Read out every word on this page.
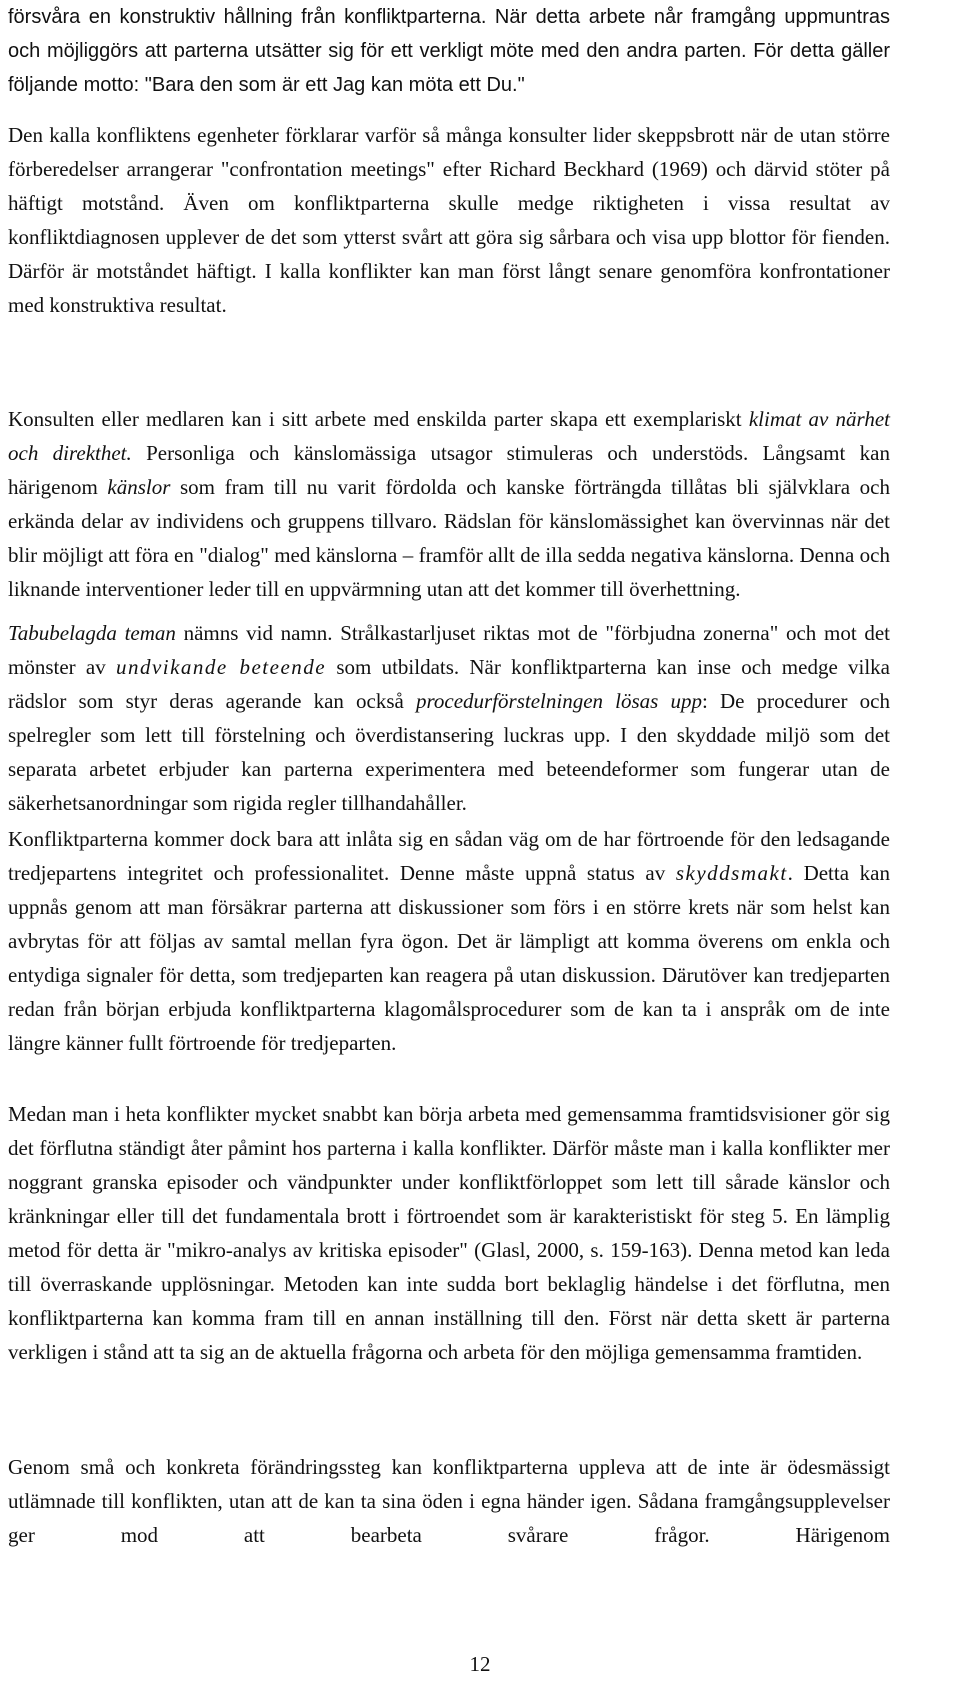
försvåra en konstruktiv hållning från konfliktparterna. När detta arbete når framgång uppmuntras och möjliggörs att parterna utsätter sig för ett verkligt möte med den andra parten. För detta gäller följande motto: "Bara den som är ett Jag kan möta ett Du."

Den kalla konfliktens egenheter förklarar varför så många konsulter lider skeppsbrott när de utan större förberedelser arrangerar "confrontation meetings" efter Richard Beckhard (1969) och därvid stöter på häftigt motstånd. Även om konfliktparterna skulle medge riktigheten i vissa resultat av konfliktdiagnosen upplever de det som ytterst svårt att göra sig sårbara och visa upp blottor för fienden. Därför är motståndet häftigt. I kalla konflikter kan man först långt senare genomföra konfrontationer med konstruktiva resultat.

Konsulten eller medlaren kan i sitt arbete med enskilda parter skapa ett exemplariskt klimat av närhet och direkthet. Personliga och känslomässiga utsagor stimuleras och understöds. Långsamt kan härigenom känslor som fram till nu varit fördolda och kanske förträngda tillåtas bli självklara och erkända delar av individens och gruppens tillvaro. Rädslan för känslomässighet kan övervinnas när det blir möjligt att föra en "dialog" med känslorna – framför allt de illa sedda negativa känslorna. Denna och liknande interventioner leder till en uppvärmning utan att det kommer till överhettning.

Tabubelagda teman nämns vid namn. Strålkastarljuset riktas mot de "förbjudna zonerna" och mot det mönster av undvikande beteende som utbildats. När konfliktparterna kan inse och medge vilka rädslor som styr deras agerande kan också procedurförstelningen lösas upp: De procedurer och spelregler som lett till förstelning och överdistansering luckras upp. I den skyddade miljö som det separata arbetet erbjuder kan parterna experimentera med beteendeformer som fungerar utan de säkerhetsanordningar som rigida regler tillhandahåller.

Konfliktparterna kommer dock bara att inlåta sig en sådan väg om de har förtroende för den ledsagande tredjepartens integritet och professionalitet. Denne måste uppnå status av skyddsmakt. Detta kan uppnås genom att man försäkrar parterna att diskussioner som förs i en större krets när som helst kan avbrytas för att följas av samtal mellan fyra ögon. Det är lämpligt att komma överens om enkla och entydiga signaler för detta, som tredjeparten kan reagera på utan diskussion. Därutöver kan tredjeparten redan från början erbjuda konfliktparterna klagomålsprocedurer som de kan ta i anspråk om de inte längre känner fullt förtroende för tredjeparten.

Medan man i heta konflikter mycket snabbt kan börja arbeta med gemensamma framtidsvisioner gör sig det förflutna ständigt åter påmint hos parterna i kalla konflikter. Därför måste man i kalla konflikter mer noggrant granska episoder och vändpunkter under konfliktförloppet som lett till sårade känslor och kränkningar eller till det fundamentala brott i förtroendet som är karakteristiskt för steg 5. En lämplig metod för detta är "mikro-analys av kritiska episoder" (Glasl, 2000, s. 159-163). Denna metod kan leda till överraskande upplösningar. Metoden kan inte sudda bort beklaglig händelse i det förflutna, men konfliktparterna kan komma fram till en annan inställning till den. Först när detta skett är parterna verkligen i stånd att ta sig an de aktuella frågorna och arbeta för den möjliga gemensamma framtiden.

Genom små och konkreta förändringssteg kan konfliktparterna uppleva att de inte är ödesmässigt utlämnade till konflikten, utan att de kan ta sina öden i egna händer igen. Sådana framgångsupplevelser ger mod att bearbeta svårare frågor. Härigenom

12
